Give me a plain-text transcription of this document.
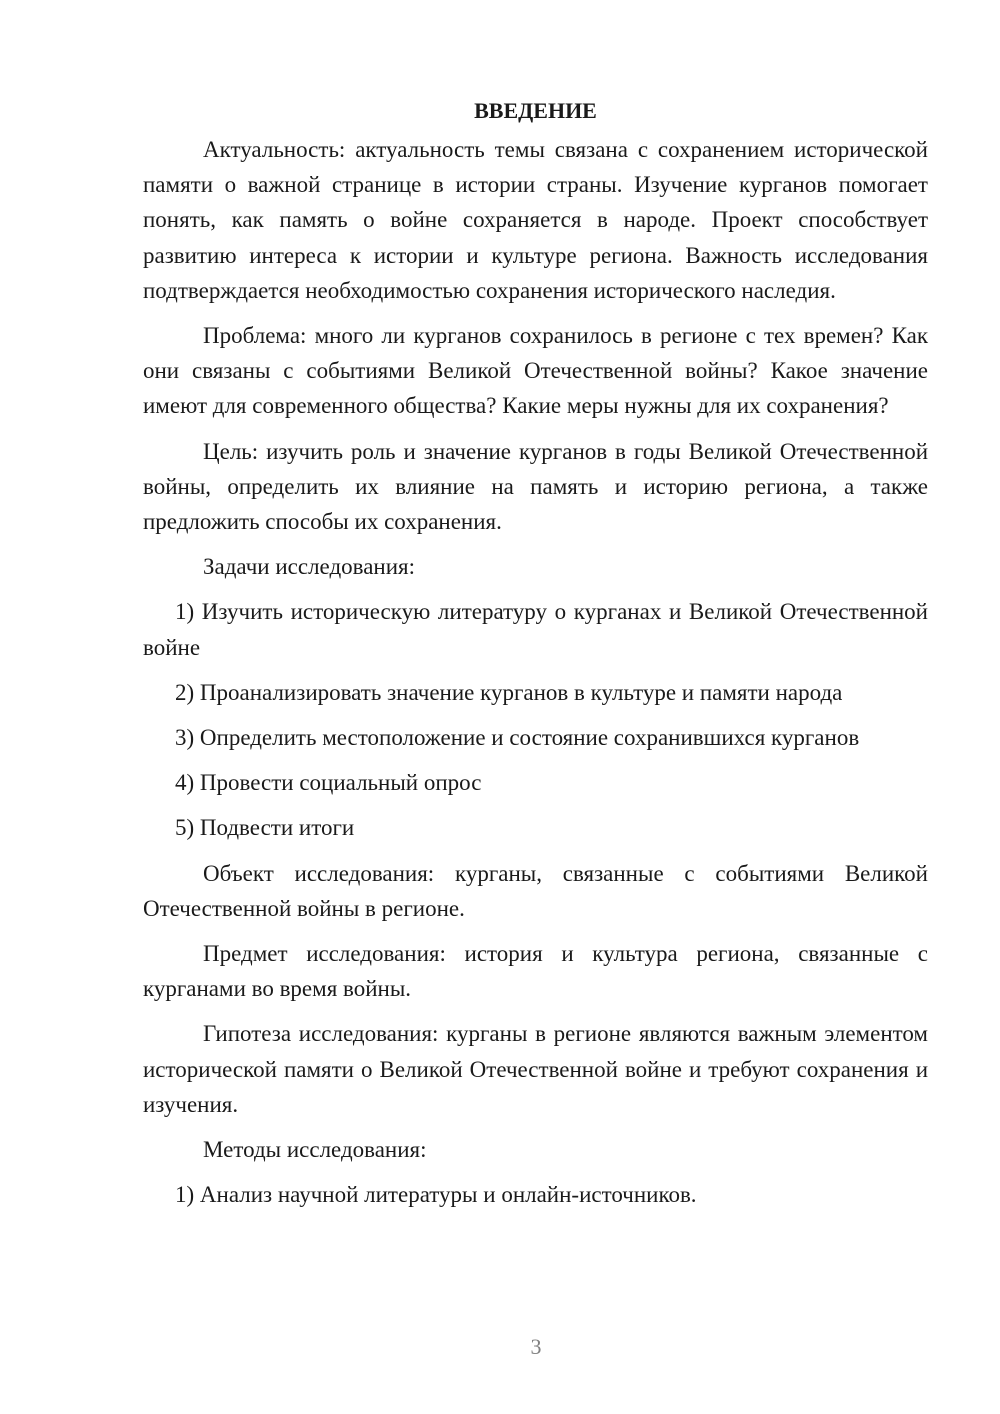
ВВЕДЕНИЕ

Актуальность: актуальность темы связана с сохранением исторической памяти о важной странице в истории страны. Изучение курганов помогает понять, как память о войне сохраняется в народе. Проект способствует развитию интереса к истории и культуре региона. Важность исследования подтверждается необходимостью сохранения исторического наследия.

Проблема: много ли курганов сохранилось в регионе с тех времен? Как они связаны с событиями Великой Отечественной войны? Какое значение имеют для современного общества? Какие меры нужны для их сохранения?

Цель: изучить роль и значение курганов в годы Великой Отечественной войны, определить их влияние на память и историю региона, а также предложить способы их сохранения.

Задачи исследования:

1) Изучить историческую литературу о курганах и Великой Отечественной войне

2) Проанализировать значение курганов в культуре и памяти народа

3) Определить местоположение и состояние сохранившихся курганов

4) Провести социальный опрос

5) Подвести итоги

Объект исследования: курганы, связанные с событиями Великой Отечественной войны в регионе.

Предмет исследования: история и культура региона, связанные с курганами во время войны.

Гипотеза исследования: курганы в регионе являются важным элементом исторической памяти о Великой Отечественной войне и требуют сохранения и изучения.

Методы исследования:

1) Анализ научной литературы и онлайн-источников.

3
